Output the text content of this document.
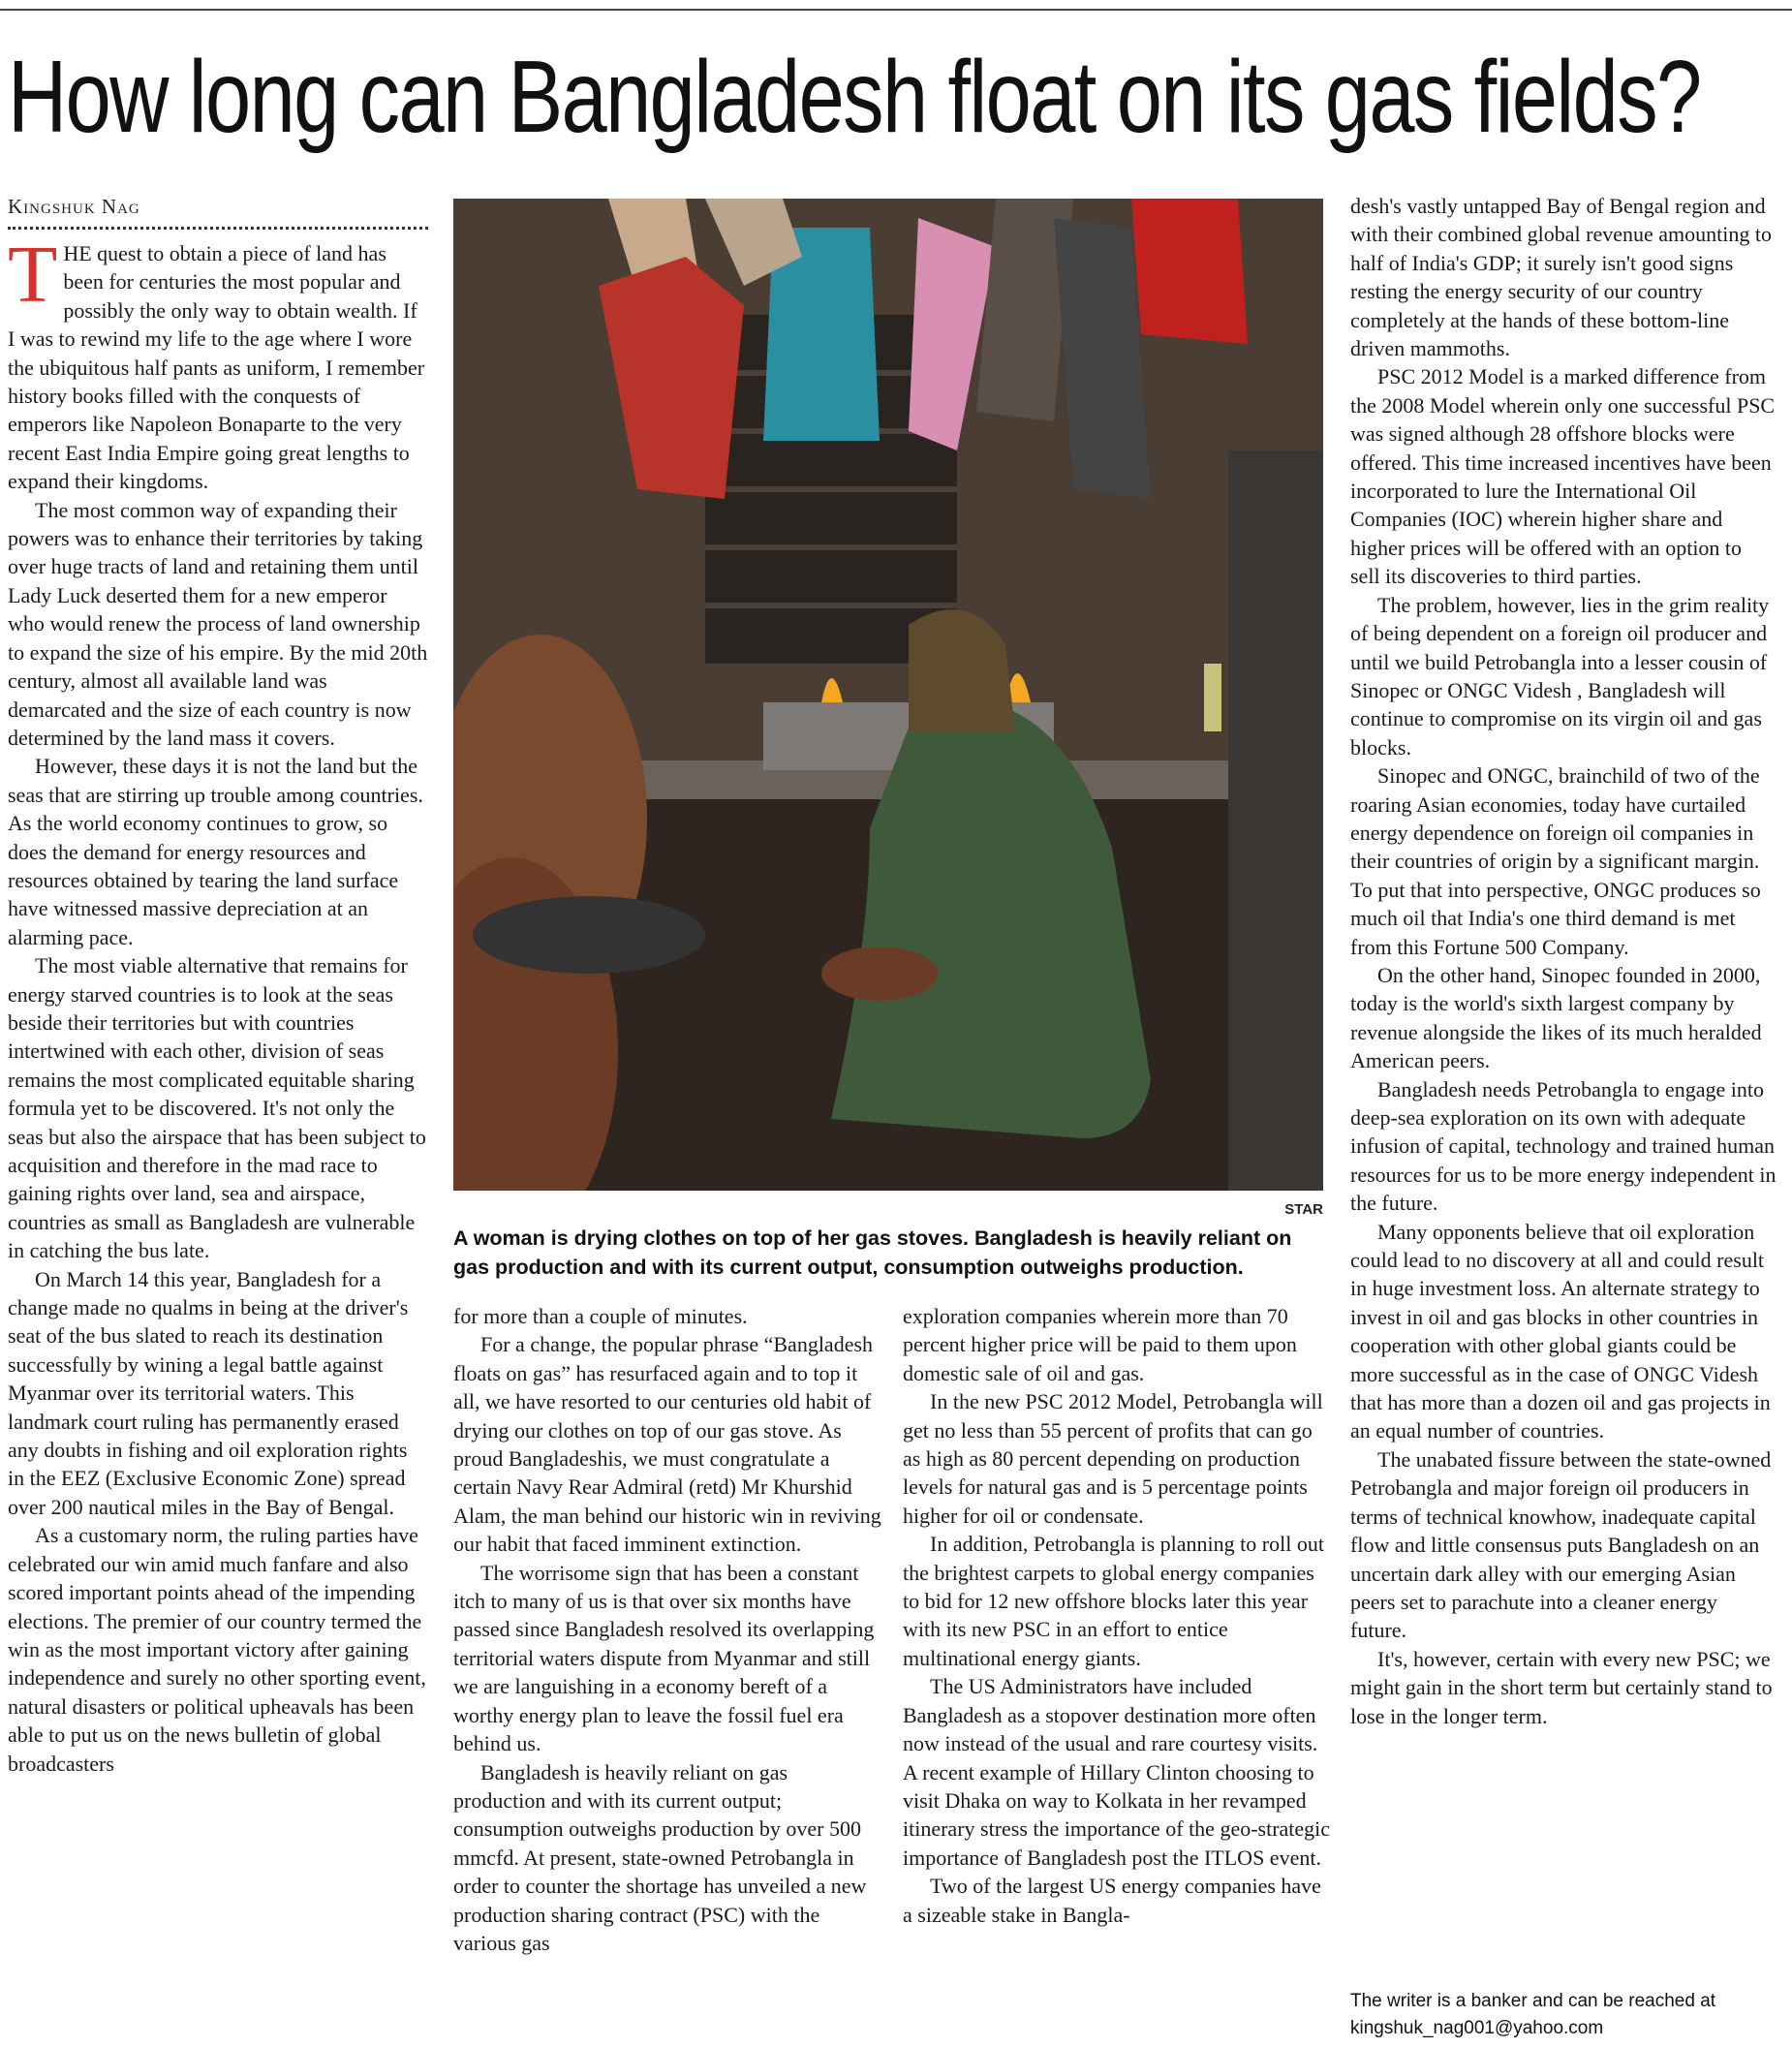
How long can Bangladesh float on its gas fields?
Kingshuk Nag
T HE quest to obtain a piece of land has been for centuries the most popular and possibly the only way to obtain wealth. If I was to rewind my life to the age where I wore the ubiquitous half pants as uniform, I remember history books filled with the conquests of emperors like Napoleon Bonaparte to the very recent East India Empire going great lengths to expand their kingdoms.

The most common way of expanding their powers was to enhance their territories by taking over huge tracts of land and retaining them until Lady Luck deserted them for a new emperor who would renew the process of land ownership to expand the size of his empire. By the mid 20th century, almost all available land was demarcated and the size of each country is now determined by the land mass it covers.

However, these days it is not the land but the seas that are stirring up trouble among countries. As the world economy continues to grow, so does the demand for energy resources and resources obtained by tearing the land surface have witnessed massive depreciation at an alarming pace.

The most viable alternative that remains for energy starved countries is to look at the seas beside their territories but with countries intertwined with each other, division of seas remains the most complicated equitable sharing formula yet to be discovered. It's not only the seas but also the airspace that has been subject to acquisition and therefore in the mad race to gaining rights over land, sea and airspace, countries as small as Bangladesh are vulnerable in catching the bus late.

On March 14 this year, Bangladesh for a change made no qualms in being at the driver's seat of the bus slated to reach its destination successfully by wining a legal battle against Myanmar over its territorial waters. This landmark court ruling has permanently erased any doubts in fishing and oil exploration rights in the EEZ (Exclusive Economic Zone) spread over 200 nautical miles in the Bay of Bengal.

As a customary norm, the ruling parties have celebrated our win amid much fanfare and also scored important points ahead of the impending elections. The premier of our country termed the win as the most important victory after gaining independence and surely no other sporting event, natural disasters or political upheavals has been able to put us on the news bulletin of global broadcasters

STAR
A woman is drying clothes on top of her gas stoves. Bangladesh is heavily reliant on gas production and with its current output, consumption outweighs production.

for more than a couple of minutes.

For a change, the popular phrase “Bangladesh floats on gas” has resurfaced again and to top it all, we have resorted to our centuries old habit of drying our clothes on top of our gas stove. As proud Bangladeshis, we must congratulate a certain Navy Rear Admiral (retd) Mr Khurshid Alam, the man behind our historic win in reviving our habit that faced imminent extinction.

The worrisome sign that has been a constant itch to many of us is that over six months have passed since Bangladesh resolved its overlapping territorial waters dispute from Myanmar and still we are languishing in a economy bereft of a worthy energy plan to leave the fossil fuel era behind us.

Bangladesh is heavily reliant on gas production and with its current output; consumption outweighs production by over 500 mmcfd. At present, state-owned Petrobangla in order to counter the shortage has unveiled a new production sharing contract (PSC) with the various gas

exploration companies wherein more than 70 percent higher price will be paid to them upon domestic sale of oil and gas.

In the new PSC 2012 Model, Petrobangla will get no less than 55 percent of profits that can go as high as 80 percent depending on production levels for natural gas and is 5 percentage points higher for oil or condensate.

In addition, Petrobangla is planning to roll out the brightest carpets to global energy companies to bid for 12 new offshore blocks later this year with its new PSC in an effort to entice multinational energy giants.

The US Administrators have included Bangladesh as a stopover destination more often now instead of the usual and rare courtesy visits. A recent example of Hillary Clinton choosing to visit Dhaka on way to Kolkata in her revamped itinerary stress the importance of the geo-strategic importance of Bangladesh post the ITLOS event.

Two of the largest US energy companies have a sizeable stake in Bangla-

desh's vastly untapped Bay of Bengal region and with their combined global revenue amounting to half of India's GDP; it surely isn't good signs resting the energy security of our country completely at the hands of these bottom-line driven mammoths.

PSC 2012 Model is a marked difference from the 2008 Model wherein only one successful PSC was signed although 28 offshore blocks were offered. This time increased incentives have been incorporated to lure the International Oil Companies (IOC) wherein higher share and higher prices will be offered with an option to sell its discoveries to third parties.

The problem, however, lies in the grim reality of being dependent on a foreign oil producer and until we build Petrobangla into a lesser cousin of Sinopec or ONGC Videsh , Bangladesh will continue to compromise on its virgin oil and gas blocks.

Sinopec and ONGC, brainchild of two of the roaring Asian economies, today have curtailed energy dependence on foreign oil companies in their countries of origin by a significant margin. To put that into perspective, ONGC produces so much oil that India's one third demand is met from this Fortune 500 Company.

On the other hand, Sinopec founded in 2000, today is the world's sixth largest company by revenue alongside the likes of its much heralded American peers.

Bangladesh needs Petrobangla to engage into deep-sea exploration on its own with adequate infusion of capital, technology and trained human resources for us to be more energy independent in the future.

Many opponents believe that oil exploration could lead to no discovery at all and could result in huge investment loss. An alternate strategy to invest in oil and gas blocks in other countries in cooperation with other global giants could be more successful as in the case of ONGC Videsh that has more than a dozen oil and gas projects in an equal number of countries.

The unabated fissure between the state-owned Petrobangla and major foreign oil producers in terms of technical knowhow, inadequate capital flow and little consensus puts Bangladesh on an uncertain dark alley with our emerging Asian peers set to parachute into a cleaner energy future.

It's, however, certain with every new PSC; we might gain in the short term but certainly stand to lose in the longer term.

The writer is a banker and can be reached at
kingshuk_nag001@yahoo.com
